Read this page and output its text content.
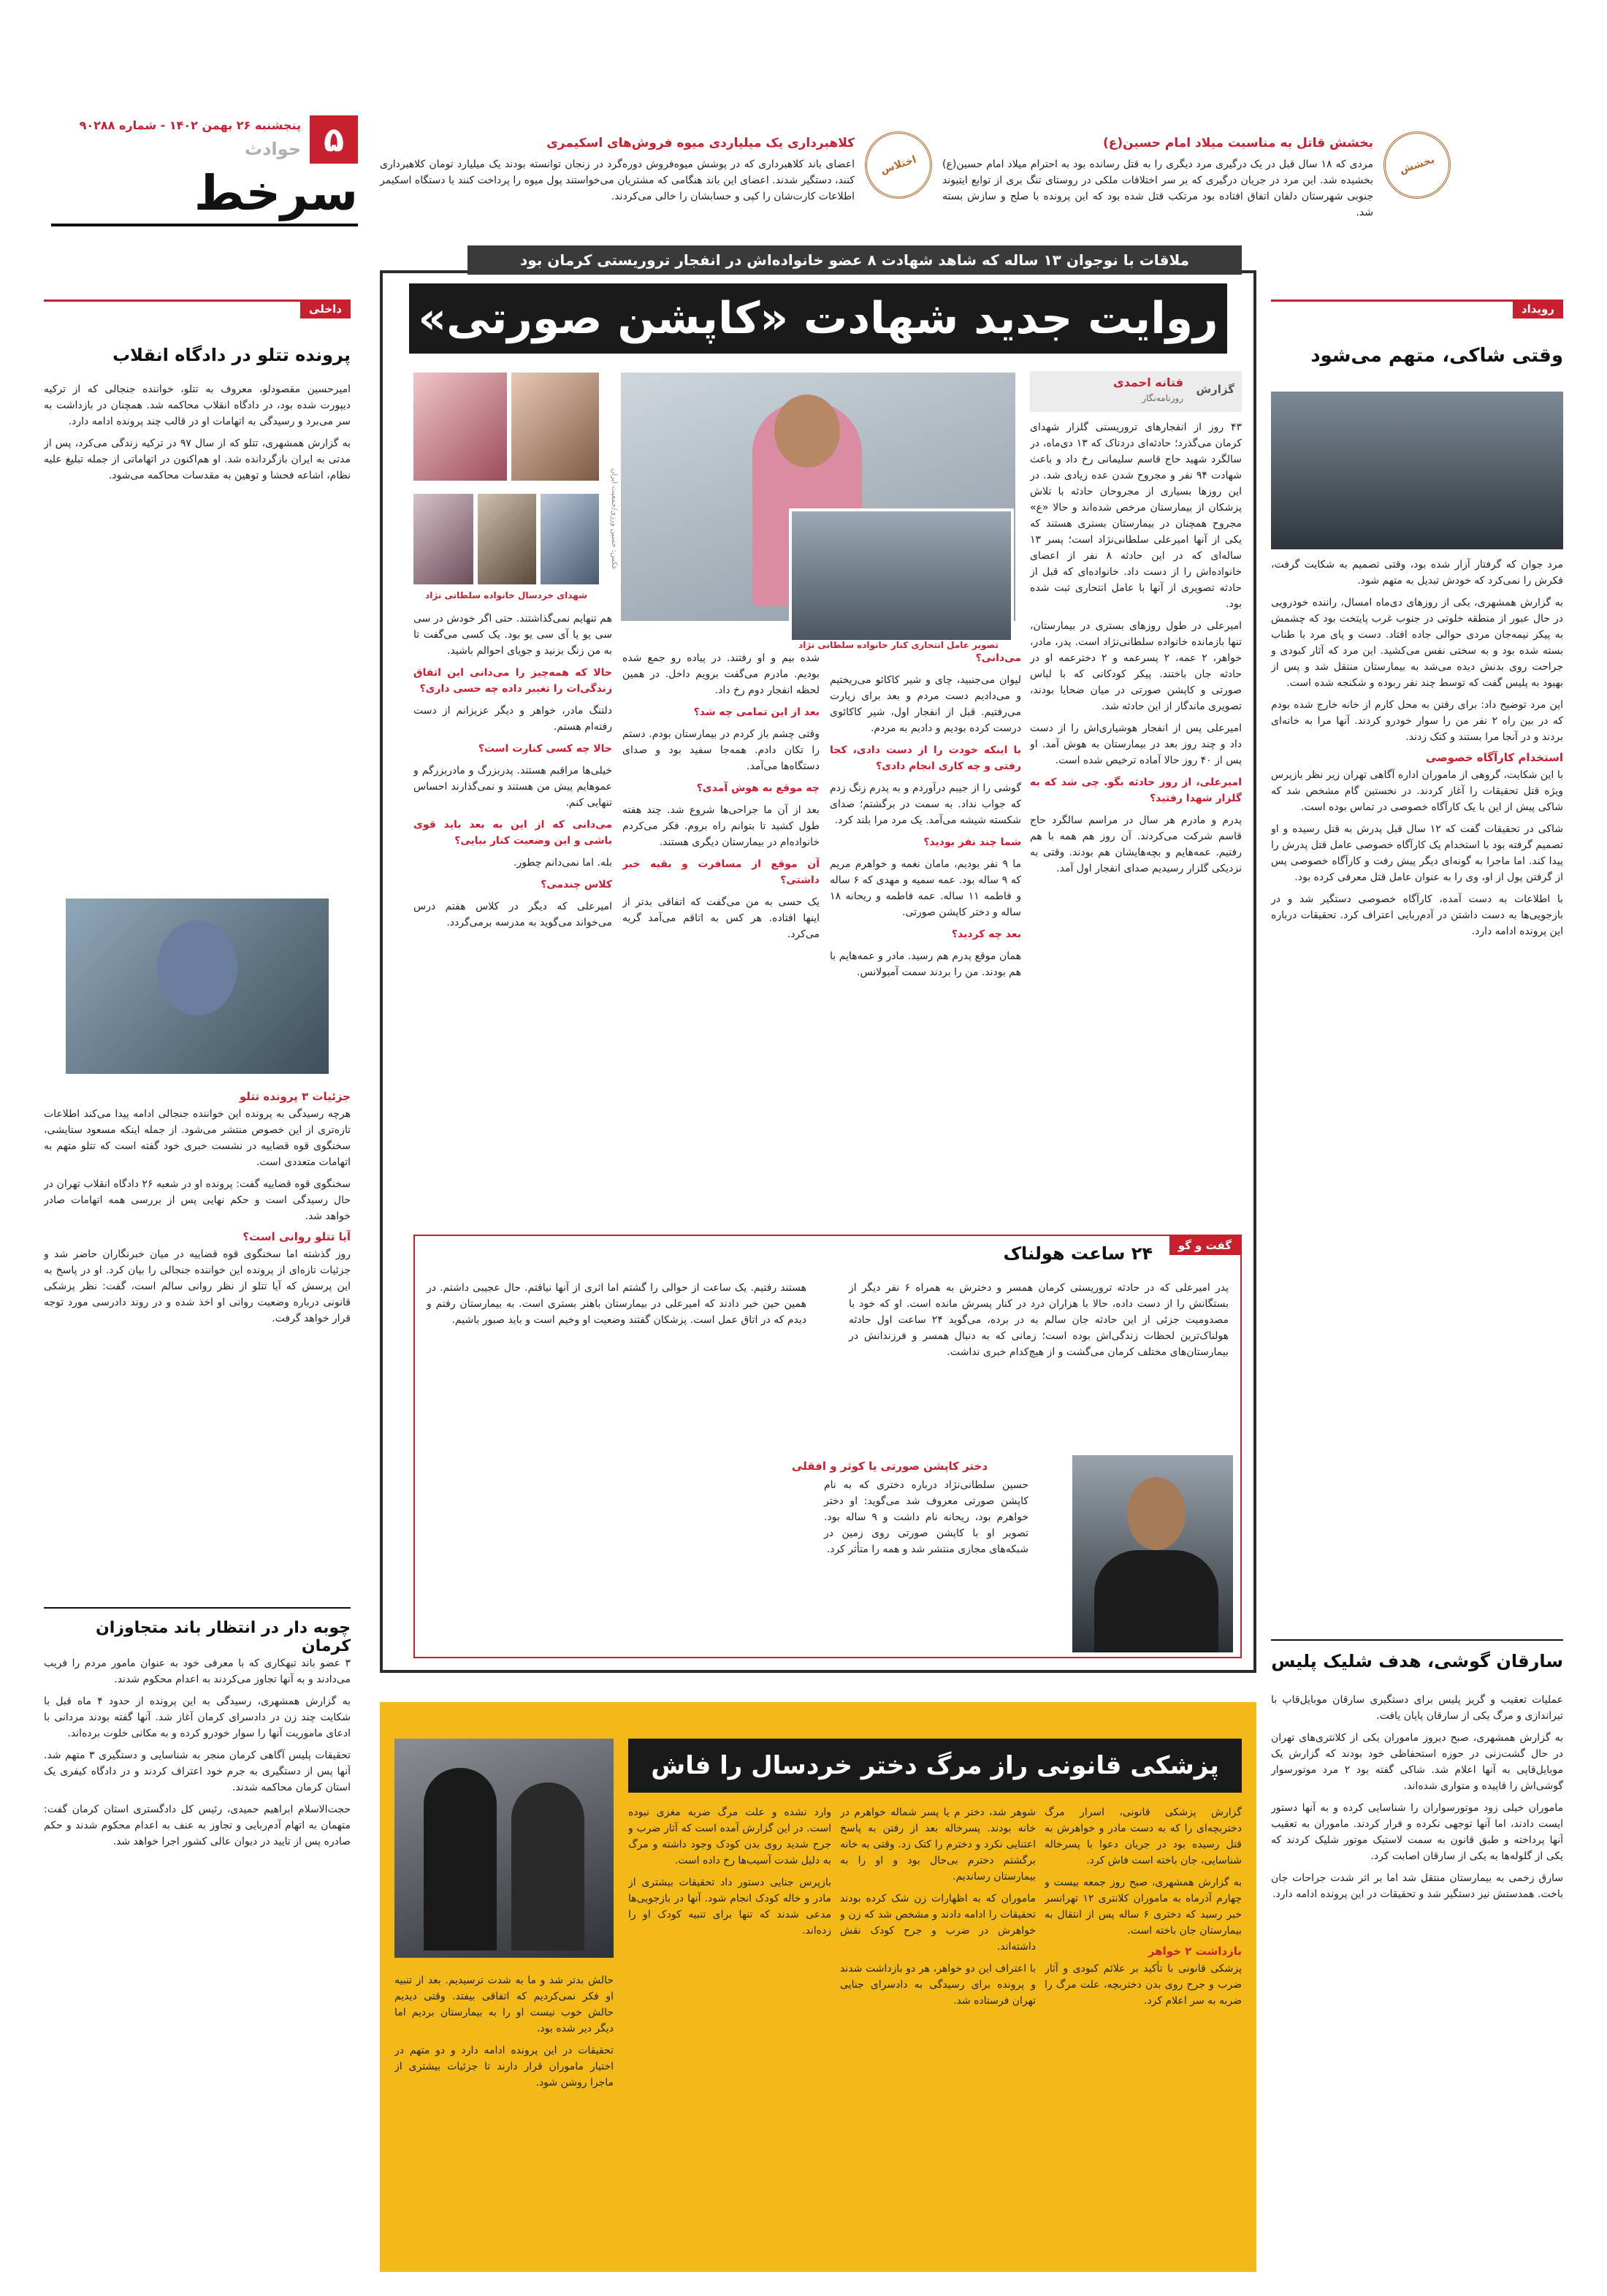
۵
پنجشنبه ۲۶ بهمن ۱۴۰۲ - شماره ۹۰۲۸۸
حوادث
سرخط
بخشش
بخشش قاتل به مناسبت میلاد امام حسین(ع)

مردی که ۱۸ سال قبل در یک درگیری مرد دیگری را به قتل رسانده بود به احترام میلاد امام حسین(ع) بخشیده شد. این مرد در جریان درگیری که بر سر اختلافات ملکی در روستای تنگ بری از توابع ایتیوند جنوبی شهرستان دلفان اتفاق افتاده بود مرتکب قتل شده بود که این پرونده با صلح و سازش بسته شد.

اختلاس
کلاهبرداری یک میلیاردی میوه فروش‌های اسکیمری

اعضای باند کلاهبرداری که در پوشش میوه‌فروش دوره‌گرد در زنجان توانسته بودند یک میلیارد تومان کلاهبرداری کنند، دستگیر شدند. اعضای این باند هنگامی که مشتریان می‌خواستند پول میوه را پرداخت کنند با دستگاه اسکیمر اطلاعات کارت‌شان را کپی و حسابشان را خالی می‌کردند.

ملاقات با نوجوان ۱۳ ساله که شاهد شهادت ۸ عضو خانواده‌اش در انفجار تروریستی کرمان بود
روایت جدید شهادت «کاپشن صورتی»
گزارش
فتانه احمدی
روزنامه‌نگار

۴۳ روز از انفجارهای تروریستی گلزار شهدای کرمان می‌گذرد؛ حادثه‌ای دردناک که ۱۳ دی‌ماه، در سالگرد شهید حاج قاسم سلیمانی رخ داد و باعث شهادت ۹۴ نفر و مجروح شدن عده زیادی شد. در این روزها بسیاری از مجروحان حادثه با تلاش پزشکان از بیمارستان مرخص شده‌اند و حالا «ع» مجروح همچنان در بیمارستان بستری هستند که یکی از آنها امیرعلی سلطانی‌نژاد است؛ پسر ۱۳ ساله‌ای که در این حادثه ۸ نفر از اعضای خانواده‌اش را از دست داد. خانواده‌ای که قبل از حادثه تصویری از آنها با عامل انتحاری ثبت شده بود.

امیرعلی در طول روزهای بستری در بیمارستان، تنها بازمانده خانواده سلطانی‌نژاد است. پدر، مادر، خواهر، ۲ عمه، ۲ پسرعمه و ۲ دخترعمه او در حادثه جان باختند. پیکر کودکانی که با لباس صورتی و کاپشن صورتی در میان ضحایا بودند، تصویری ماندگار از این حادثه شد.

امیرعلی پس از انفجار هوشیاری‌اش را از دست داد و چند روز بعد در بیمارستان به هوش آمد. او پس از ۴۰ روز حالا آماده ترخیص شده است.

امیرعلی، از روز حادثه بگو. چی شد که به گلزار شهدا رفتید؟

پدرم و مادرم هر سال در مراسم سالگرد حاج قاسم شرکت می‌کردند. آن روز هم همه با هم رفتیم. عمه‌هایم و بچه‌هایشان هم بودند. وقتی به نزدیکی گلزار رسیدیم صدای انفجار اول آمد.

عکس: حسین ورزی/جمعیت ایران
تصویر عامل انتحاری کنار خانواده سلطانی نژاد
شهدای خردسال خانواده سلطانی نژاد

می‌دانی؟

لیوان می‌جنبید، چای و شیر کاکائو می‌ریختیم و می‌دادیم دست مردم و بعد برای زیارت می‌رفتیم. قبل از انفجار اول، شیر کاکائوی درست کرده بودیم و دادیم به مردم.

با اینکه خودت را از دست دادی، کجا رفتی و چه کاری انجام دادی؟

گوشی را از جیبم درآوردم و به پدرم زنگ زدم که جواب نداد. به سمت در برگشتم؛ صدای شکسته شیشه می‌آمد. یک مرد مرا بلند کرد.

شما چند نفر بودید؟

ما ۹ نفر بودیم، مامان نغمه و خواهرم مریم که ۹ ساله بود. عمه سمیه و مهدی که ۶ ساله و فاطمه ۱۱ ساله. عمه فاطمه و ریحانه ۱۸ ساله و دختر کاپشن صورتی.

بعد چه کردید؟

همان موقع پدرم هم رسید. مادر و عمه‌هایم با هم بودند. من را بردند سمت آمبولانس.

شده بیم و او رفتند. در پیاده رو جمع شده بودیم. مادرم می‌گفت برویم داخل. در همین لحظه انفجار دوم رخ داد.

بعد از این تمامی چه شد؟

وقتی چشم باز کردم در بیمارستان بودم. دستم را تکان دادم. همه‌جا سفید بود و صدای دستگاه‌ها می‌آمد.

چه موقع به هوش آمدی؟

بعد از آن ما جراحی‌ها شروع شد. چند هفته طول کشید تا بتوانم راه بروم. فکر می‌کردم خانواده‌ام در بیمارستان دیگری هستند.

آن موقع از مسافرت و بقیه خبر داشتی؟

یک حسی به من می‌گفت که اتفاقی بدتر از اینها افتاده. هر کس به اتاقم می‌آمد گریه می‌کرد.

هم تنهایم نمی‌گذاشتند. حتی اگر خودش در سی سی یو یا آی سی یو بود. یک کسی می‌گفت تا به من زنگ بزنید و جویای احوالم باشید.

حالا که همه‌چیز را می‌دانی این اتفاق زندگی‌ات را تغییر داده چه حسی داری؟

دلتنگ مادر، خواهر و دیگر عزیزانم از دست رفته‌ام هستم.

حالا چه کسی کنارت است؟

خیلی‌ها مراقبم هستند. پدربزرگ و مادربزرگم و عموهایم پیش من هستند و نمی‌گذارند احساس تنهایی کنم.

می‌دانی که از این به بعد باید قوی باشی و این وضعیت کنار بیایی؟

بله. اما نمی‌دانم چطور.

کلاس چندمی؟

امیرعلی که دیگر در کلاس هفتم درس می‌خواند می‌گوید به مدرسه برمی‌گردد.

گفت و گو
۲۴ ساعت هولناک

پدر امیرعلی که در حادثه تروریستی کرمان همسر و دخترش به همراه ۶ نفر دیگر از بستگانش را از دست داده، حالا با هزاران درد در کنار پسرش مانده است. او که خود با مصدومیت جزئی از این حادثه جان سالم به در برده، می‌گوید ۲۴ ساعت اول حادثه هولناک‌ترین لحظات زندگی‌اش بوده است؛ زمانی که به دنبال همسر و فرزندانش در بیمارستان‌های مختلف کرمان می‌گشت و از هیچ‌کدام خبری نداشت.

هستند رفتیم. یک ساعت از حوالی را گشتم اما اثری از آنها نیافتم. حال عجیبی داشتم. در همین حین خبر دادند که امیرعلی در بیمارستان باهنر بستری است. به بیمارستان رفتم و دیدم که در اتاق عمل است. پزشکان گفتند وضعیت او وخیم است و باید صبور باشیم.

دختر کاپشن صورتی یا کوثر و افقلی

حسین سلطانی‌نژاد درباره دختری که به نام کاپشن صورتی معروف شد می‌گوید: او دختر خواهرم بود، ریحانه نام داشت و ۹ ساله بود. تصویر او با کاپشن صورتی روی زمین در شبکه‌های مجازی منتشر شد و همه را متأثر کرد.

رویداد
وقتی شاکی، متهم می‌شود

مرد جوان که گرفتار آزار شده بود، وقتی تصمیم به شکایت گرفت، فکرش را نمی‌کرد که خودش تبدیل به متهم شود.

به گزارش همشهری، یکی از روزهای دی‌ماه امسال، راننده خودرویی در حال عبور از منطقه خلوتی در جنوب غرب پایتخت بود که چشمش به پیکر نیمه‌جان مردی حوالی جاده افتاد. دست و پای مرد با طناب بسته شده بود و به سختی نفس می‌کشید. این مرد که آثار کبودی و جراحت روی بدنش دیده می‌شد به بیمارستان منتقل شد و پس از بهبود به پلیس گفت که توسط چند نفر ربوده و شکنجه شده است.

این مرد توضیح داد: برای رفتن به محل کارم از خانه خارج شده بودم که در بین راه ۲ نفر من را سوار خودرو کردند. آنها مرا به خانه‌ای بردند و در آنجا مرا بستند و کتک زدند.

استخدام کارآگاه خصوصی

با این شکایت، گروهی از ماموران اداره آگاهی تهران زیر نظر بازپرس ویژه قتل تحقیقات را آغاز کردند. در نخستین گام مشخص شد که شاکی پیش از این با یک کارآگاه خصوصی در تماس بوده است.

شاکی در تحقیقات گفت که ۱۲ سال قبل پدرش به قتل رسیده و او تصمیم گرفته بود با استخدام یک کارآگاه خصوصی عامل قتل پدرش را پیدا کند. اما ماجرا به گونه‌ای دیگر پیش رفت و کارآگاه خصوصی پس از گرفتن پول از او، وی را به عنوان عامل قتل معرفی کرده بود.

با اطلاعات به دست آمده، کارآگاه خصوصی دستگیر شد و در بازجویی‌ها به دست داشتن در آدم‌ربایی اعتراف کرد. تحقیقات درباره این پرونده ادامه دارد.

سارقان گوشی، هدف شلیک پلیس

عملیات تعقیب و گریز پلیس برای دستگیری سارقان موبایل‌قاپ با تیراندازی و مرگ یکی از سارقان پایان یافت.

به گزارش همشهری، صبح دیروز ماموران یکی از کلانتری‌های تهران در حال گشت‌زنی در حوزه استحفاظی خود بودند که گزارش یک موبایل‌قاپی به آنها اعلام شد. شاکی گفته بود ۲ مرد موتورسوار گوشی‌اش را قاپیده و متواری شده‌اند.

ماموران خیلی زود موتورسواران را شناسایی کرده و به آنها دستور ایست دادند، اما آنها توجهی نکرده و فرار کردند. ماموران به تعقیب آنها پرداخته و طبق قانون به سمت لاستیک موتور شلیک کردند که یکی از گلوله‌ها به یکی از سارقان اصابت کرد.

سارق زخمی به بیمارستان منتقل شد اما بر اثر شدت جراحات جان باخت. همدستش نیز دستگیر شد و تحقیقات در این پرونده ادامه دارد.

داخلی
پرونده تتلو در دادگاه انقلاب

امیرحسین مقصودلو، معروف به تتلو، خواننده جنجالی که از ترکیه دیپورت شده بود، در دادگاه انقلاب محاکمه شد. همچنان در بازداشت به سر می‌برد و رسیدگی به اتهامات او در قالب چند پرونده ادامه دارد.

به گزارش همشهری، تتلو که از سال ۹۷ در ترکیه زندگی می‌کرد، پس از مدتی به ایران بازگردانده شد. او هم‌اکنون در اتهاماتی از جمله تبلیغ علیه نظام، اشاعه فحشا و توهین به مقدسات محاکمه می‌شود.

جزئیات ۳ پرونده تتلو

هرچه رسیدگی به پرونده این خواننده جنجالی ادامه پیدا می‌کند اطلاعات تازه‌تری از این خصوص منتشر می‌شود. از جمله اینکه مسعود ستایشی، سخنگوی قوه قضاییه در نشست خبری خود گفته است که تتلو متهم به اتهامات متعددی است.

سخنگوی قوه قضاییه گفت: پرونده او در شعبه ۲۶ دادگاه انقلاب تهران در حال رسیدگی است و حکم نهایی پس از بررسی همه اتهامات صادر خواهد شد.

آیا تتلو روانی است؟

روز گذشته اما سخنگوی قوه قضاییه در میان خبرنگاران حاضر شد و جزئیات تازه‌ای از پرونده این خواننده جنجالی را بیان کرد. او در پاسخ به این پرسش که آیا تتلو از نظر روانی سالم است، گفت: نظر پزشکی قانونی درباره وضعیت روانی او اخذ شده و در روند دادرسی مورد توجه قرار خواهد گرفت.

چوبه دار در انتظار باند متجاوزان کرمان

۳ عضو باند تبهکاری که با معرفی خود به عنوان مامور مردم را فریب می‌دادند و به آنها تجاوز می‌کردند به اعدام محکوم شدند.

به گزارش همشهری، رسیدگی به این پرونده از حدود ۴ ماه قبل با شکایت چند زن در دادسرای کرمان آغاز شد. آنها گفته بودند مردانی با ادعای ماموریت آنها را سوار خودرو کرده و به مکانی خلوت برده‌اند.

تحقیقات پلیس آگاهی کرمان منجر به شناسایی و دستگیری ۳ متهم شد. آنها پس از دستگیری به جرم خود اعتراف کردند و در دادگاه کیفری یک استان کرمان محاکمه شدند.

حجت‌الاسلام ابراهیم حمیدی، رئیس کل دادگستری استان کرمان گفت: متهمان به اتهام آدم‌ربایی و تجاوز به عنف به اعدام محکوم شدند و حکم صادره پس از تایید در دیوان عالی کشور اجرا خواهد شد.

پزشکی قانونی راز مرگ دختر خردسال را فاش

گزارش پزشکی قانونی، اسرار مرگ دختربچه‌ای را که به دست مادر و خواهرش به قتل رسیده بود در جریان دعوا با پسرخاله شناسایی، جان باخته است فاش کرد.

به گزارش همشهری، صبح روز جمعه بیست و چهارم آذرماه به ماموران کلانتری ۱۲ تهرانسر خبر رسید که دختری ۶ ساله پس از انتقال به بیمارستان جان باخته است.

بازداشت ۲ خواهر

پزشکی قانونی با تأکید بر علائم کبودی و آثار ضرب و جرح روی بدن دختربچه، علت مرگ را ضربه به سر اعلام کرد.

شوهر شد، دختر م یا پسر شماله خواهرم در خانه بودند. پسرخاله بعد از رفتن به پاسخ اعتنایی نکرد و دخترم را کتک زد. وقتی به خانه برگشتم دخترم بی‌حال بود و او را به بیمارستان رساندیم.

ماموران که به اظهارات زن شک کرده بودند تحقیقات را ادامه دادند و مشخص شد که زن و خواهرش در ضرب و جرح کودک نقش داشته‌اند.

با اعتراف این دو خواهر، هر دو بازداشت شدند و پرونده برای رسیدگی به دادسرای جنایی تهران فرستاده شد.

وارد نشده و علت مرگ ضربه مغزی نبوده است. در این گزارش آمده است که آثار ضرب و جرح شدید روی بدن کودک وجود داشته و مرگ به دلیل شدت آسیب‌ها رخ داده است.

بازپرس جنایی دستور داد تحقیقات بیشتری از مادر و خاله کودک انجام شود. آنها در بازجویی‌ها مدعی شدند که تنها برای تنبیه کودک او را زده‌اند.

حالش بدتر شد و ما به شدت ترسیدیم. بعد از تنبیه او فکر نمی‌کردیم که اتفاقی بیفتد. وقتی دیدیم حالش خوب نیست او را به بیمارستان بردیم اما دیگر دیر شده بود.

تحقیقات در این پرونده ادامه دارد و دو متهم در اختیار ماموران قرار دارند تا جزئیات بیشتری از ماجرا روشن شود.
